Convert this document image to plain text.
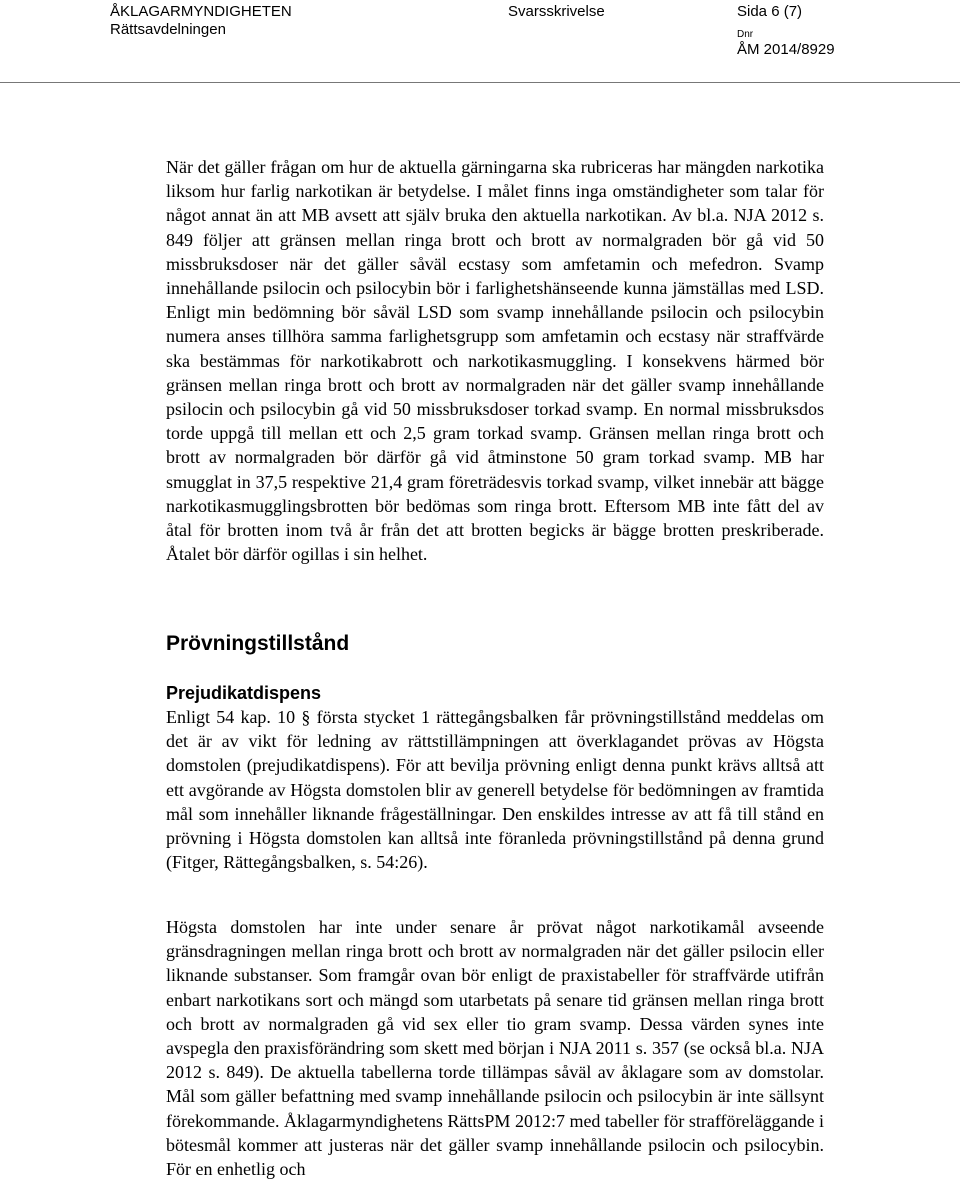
ÅKLAGARMYNDIGHETEN
Rättsavdelningen
Svarsskrivelse	Sida 6 (7)
Dnr
ÅM 2014/8929

När det gäller frågan om hur de aktuella gärningarna ska rubriceras har mängden narkotika liksom hur farlig narkotikan är betydelse. I målet finns inga omständigheter som talar för något annat än att MB avsett att själv bruka den aktuella narkotikan. Av bl.a. NJA 2012 s. 849 följer att gränsen mellan ringa brott och brott av normalgraden bör gå vid 50 missbruksdoser när det gäller såväl ecstasy som amfetamin och mefedron. Svamp innehållande psilocin och psilocybin bör i farlighetshänseende kunna jämställas med LSD. Enligt min bedömning bör såväl LSD som svamp innehållande psilocin och psilocybin numera anses tillhöra samma farlighetsgrupp som amfetamin och ecstasy när straffvärde ska bestämmas för narkotikabrott och narkotikasmuggling. I konsekvens härmed bör gränsen mellan ringa brott och brott av normalgraden när det gäller svamp innehållande psilocin och psilocybin gå vid 50 missbruksdoser torkad svamp. En normal missbruksdos torde uppgå till mellan ett och 2,5 gram torkad svamp. Gränsen mellan ringa brott och brott av normalgraden bör därför gå vid åtminstone 50 gram torkad svamp. MB har smugglat in 37,5 respektive 21,4 gram företrädesvis torkad svamp, vilket innebär att bägge narkotikasmugglingsbrotten bör bedömas som ringa brott. Eftersom MB inte fått del av åtal för brotten inom två år från det att brotten begicks är bägge brotten preskriberade. Åtalet bör därför ogillas i sin helhet.

Prövningstillstånd
Prejudikatdispens

Enligt 54 kap. 10 § första stycket 1 rättegångsbalken får prövningstillstånd meddelas om det är av vikt för ledning av rättstillämpningen att överklagandet prövas av Högsta domstolen (prejudikatdispens). För att bevilja prövning enligt denna punkt krävs alltså att ett avgörande av Högsta domstolen blir av generell betydelse för bedömningen av framtida mål som innehåller liknande frågeställningar. Den enskildes intresse av att få till stånd en prövning i Högsta domstolen kan alltså inte föranleda prövningstillstånd på denna grund (Fitger, Rättegångsbalken, s. 54:26).

Högsta domstolen har inte under senare år prövat något narkotikamål avseende gränsdragningen mellan ringa brott och brott av normalgraden när det gäller psilocin eller liknande substanser. Som framgår ovan bör enligt de praxistabeller för straffvärde utifrån enbart narkotikans sort och mängd som utarbetats på senare tid gränsen mellan ringa brott och brott av normalgraden gå vid sex eller tio gram svamp. Dessa värden synes inte avspegla den praxisförändring som skett med början i NJA 2011 s. 357 (se också bl.a. NJA 2012 s. 849). De aktuella tabellerna torde tillämpas såväl av åklagare som av domstolar. Mål som gäller befattning med svamp innehållande psilocin och psilocybin är inte sällsynt förekommande. Åklagarmyndighetens RättsPM 2012:7 med tabeller för strafföreläggande i bötesmål kommer att justeras när det gäller svamp innehållande psilocin och psilocybin. För en enhetlig och
